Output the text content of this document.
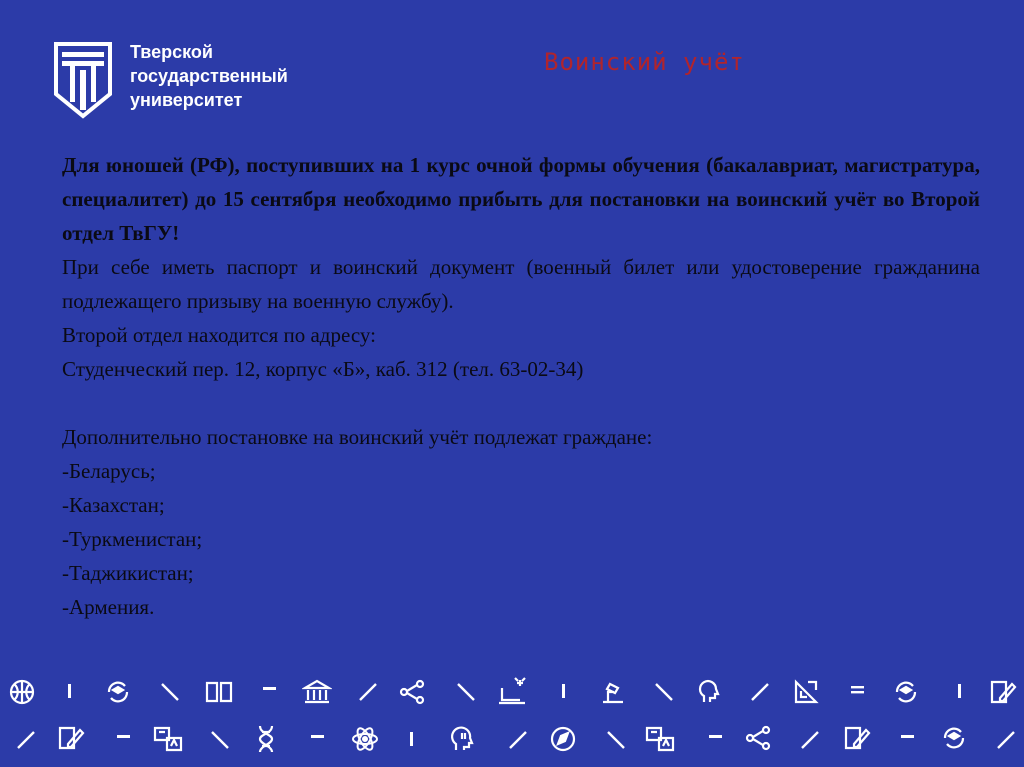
Тверской
государственный
университет
Воинский учёт

Для юношей (РФ), поступивших на 1 курс очной формы обучения (бакалавриат, магистратура, специалитет) до 15 сентября необходимо прибыть для постановки на воинский учёт во Второй отдел ТвГУ!

При себе иметь паспорт и воинский документ (военный билет или удостоверение гражданина подлежащего призыву на военную службу).

Второй отдел находится по адресу:

Студенческий пер. 12, корпус «Б», каб. 312 (тел. 63-02-34)

Дополнительно постановке на воинский учёт подлежат граждане:

-Беларусь;

-Казахстан;

-Туркменистан;

-Таджикистан;

-Армения.
